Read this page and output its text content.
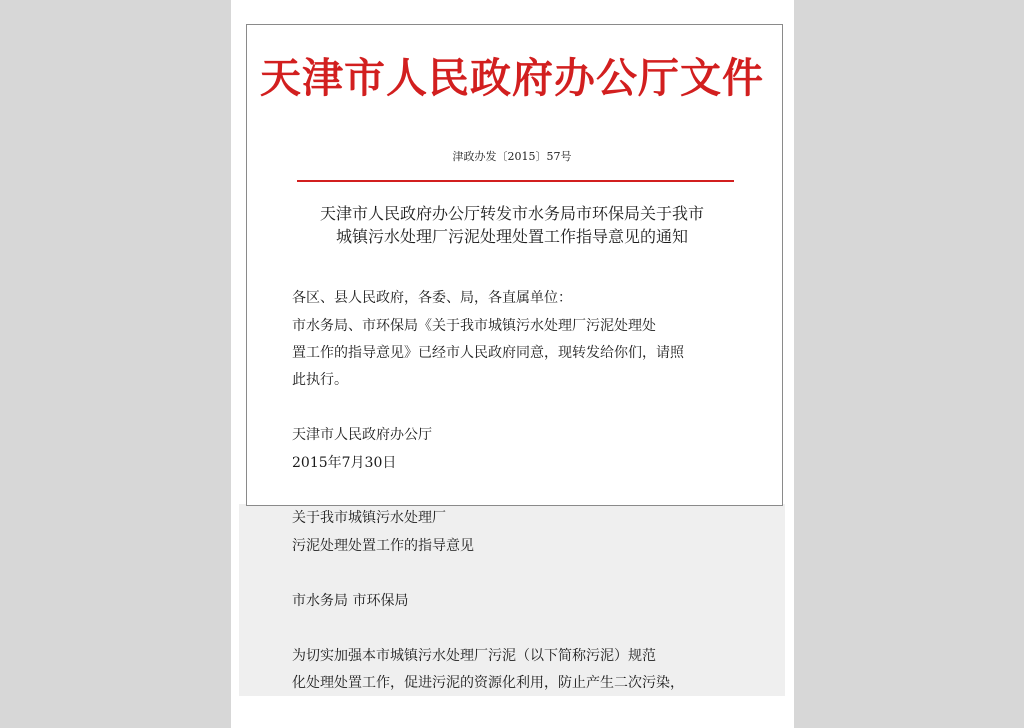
天津市人民政府办公厅文件
津政办发〔2015〕57号
天津市人民政府办公厅转发市水务局市环保局关于我市
城镇污水处理厂污泥处理处置工作指导意见的通知
各区、县人民政府，各委、局，各直属单位：
市水务局、市环保局《关于我市城镇污水处理厂污泥处理处
置工作的指导意见》已经市人民政府同意，现转发给你们，请照
此执行。
天津市人民政府办公厅
2015年7月30日
关于我市城镇污水处理厂
污泥处理处置工作的指导意见
市水务局 市环保局
为切实加强本市城镇污水处理厂污泥（以下简称污泥）规范
化处理处置工作，促进污泥的资源化利用，防止产生二次污染，
